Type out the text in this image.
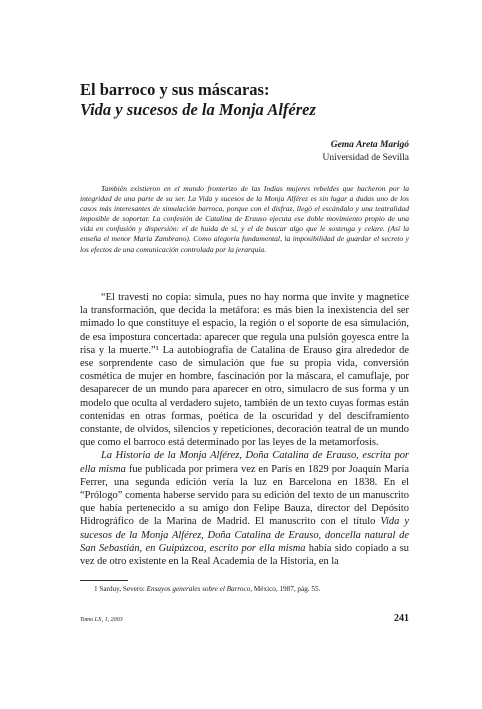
El barroco y sus máscaras:
Vida y sucesos de la Monja Alférez
Gema Areta Marigó
Universidad de Sevilla

También existieron en el mundo fronterizo de las Indias mujeres rebeldes que hacheron por la integridad de una parte de su ser. La Vida y sucesos de la Monja Alférez es sin lugar a dudas uno de los casos más interesantes de simulación barroca, porque con el disfraz, llegó el escándalo y una teatralidad imposible de soportar. La confesión de Catalina de Erauso ejecuta ese doble movimiento propio de una vida en confusión y dispersión: el de huida de sí, y el de buscar algo que le sostenga y celare. (Así la enseña el menor María Zambrano). Como alegoría fundamental, la imposibilidad de guardar el secreto y los efectos de una comunicación controlada por la jerarquía.

“El travesti no copia: simula, pues no hay norma que invite y magnetice la transformación, que decida la metáfora: es más bien la inexistencia del ser mimado lo que constituye el espacio, la región o el soporte de esa simulación, de esa impostura concertada: aparecer que regula una pulsión goyesca entre la risa y la muerte.”¹ La autobiografía de Catalina de Erauso gira alrededor de ese sorprendente caso de simulación que fue su propia vida, conversión cosmética de mujer en hombre, fascinación por la máscara, el camuflaje, por desaparecer de un mundo para aparecer en otro, simulacro de sus forma y un modelo que oculta al verdadero sujeto, también de un texto cuyas formas están contenidas en otras formas, poética de la oscuridad y del desciframiento constante, de olvidos, silencios y repeticiones, decoración teatral de un mundo que como el barroco está determinado por las leyes de la metamorfosis.

La Historia de la Monja Alférez, Doña Catalina de Erauso, escrita por ella misma fue publicada por primera vez en París en 1829 por Joaquín María Ferrer, una segunda edición vería la luz en Barcelona en 1838. En el “Prólogo” comenta haberse servido para su edición del texto de un manuscrito que había pertenecido a su amigo don Felipe Bauza, director del Depósito Hidrográfico de la Marina de Madrid. El manuscrito con el título Vida y sucesos de la Monja Alférez, Doña Catalina de Erauso, doncella natural de San Sebastián, en Guipúzcoa, escrito por ella misma había sido copiado a su vez de otro existente en la Real Academia de la Historia, en la

1 Sarduy, Severo: Ensayos generales sobre el Barroco, México, 1987, pág. 55.

Tomo LX, 1, 2003	241
